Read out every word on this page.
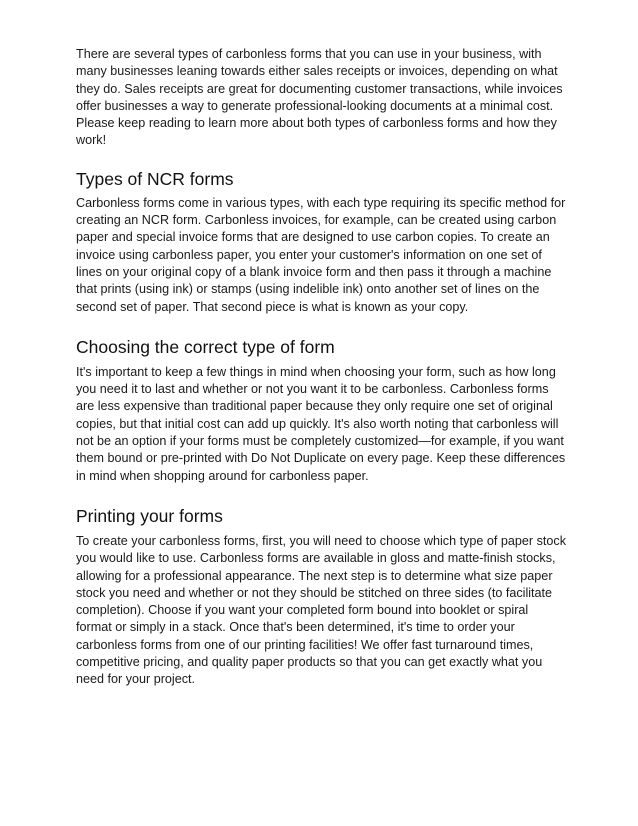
There are several types of carbonless forms that you can use in your business, with many businesses leaning towards either sales receipts or invoices, depending on what they do. Sales receipts are great for documenting customer transactions, while invoices offer businesses a way to generate professional-looking documents at a minimal cost. Please keep reading to learn more about both types of carbonless forms and how they work!

Types of NCR forms

Carbonless forms come in various types, with each type requiring its specific method for creating an NCR form. Carbonless invoices, for example, can be created using carbon paper and special invoice forms that are designed to use carbon copies. To create an invoice using carbonless paper, you enter your customer's information on one set of lines on your original copy of a blank invoice form and then pass it through a machine that prints (using ink) or stamps (using indelible ink) onto another set of lines on the second set of paper. That second piece is what is known as your copy.

Choosing the correct type of form

It's important to keep a few things in mind when choosing your form, such as how long you need it to last and whether or not you want it to be carbonless. Carbonless forms are less expensive than traditional paper because they only require one set of original copies, but that initial cost can add up quickly. It's also worth noting that carbonless will not be an option if your forms must be completely customized—for example, if you want them bound or pre-printed with Do Not Duplicate on every page. Keep these differences in mind when shopping around for carbonless paper.

Printing your forms

To create your carbonless forms, first, you will need to choose which type of paper stock you would like to use. Carbonless forms are available in gloss and matte-finish stocks, allowing for a professional appearance. The next step is to determine what size paper stock you need and whether or not they should be stitched on three sides (to facilitate completion). Choose if you want your completed form bound into booklet or spiral format or simply in a stack. Once that's been determined, it's time to order your carbonless forms from one of our printing facilities! We offer fast turnaround times, competitive pricing, and quality paper products so that you can get exactly what you need for your project.
